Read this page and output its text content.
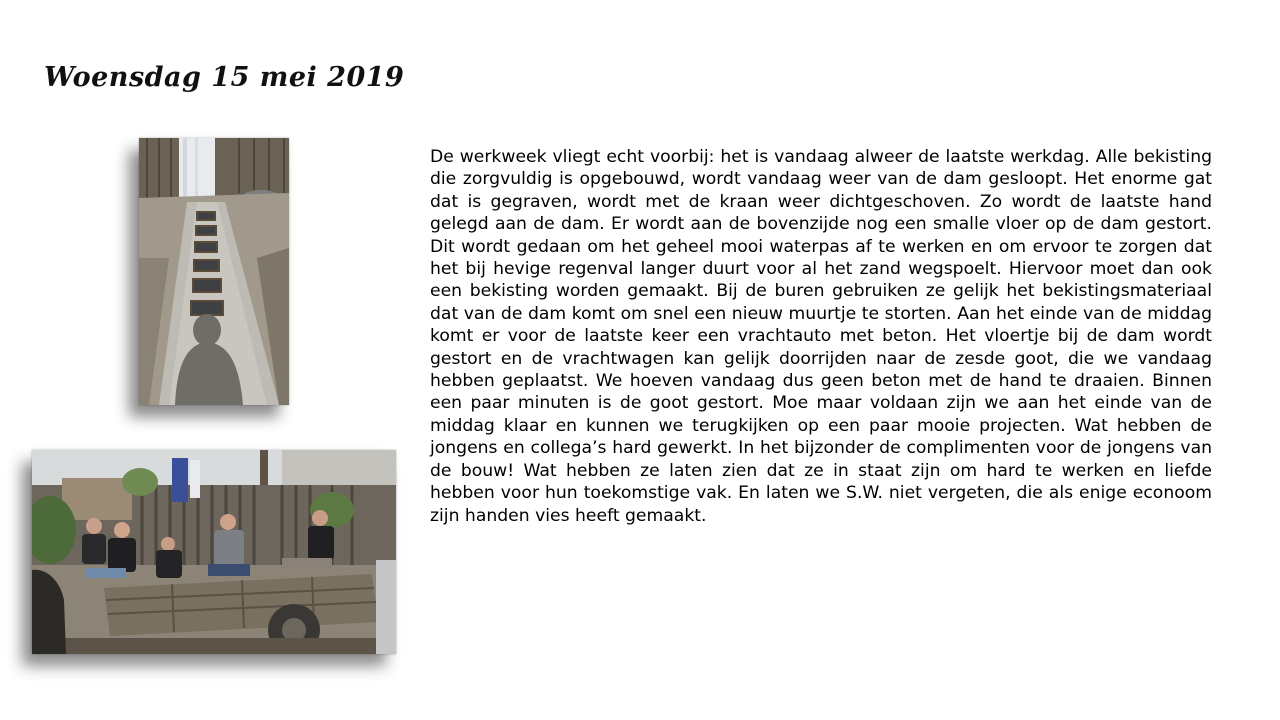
Woensdag 15 mei 2019

De werkweek vliegt echt voorbij: het is vandaag alweer de laatste werkdag. Alle bekisting die zorgvuldig is opgebouwd, wordt vandaag weer van de dam gesloopt. Het enorme gat dat is gegraven, wordt met de kraan weer dichtgeschoven. Zo wordt de laatste hand gelegd aan de dam. Er wordt aan de bovenzijde nog een smalle vloer op de dam gestort. Dit wordt gedaan om het geheel mooi waterpas af te werken en om ervoor te zorgen dat het bij hevige regenval langer duurt voor al het zand wegspoelt. Hiervoor moet dan ook een bekisting worden gemaakt. Bij de buren gebruiken ze gelijk het bekistingsmateriaal dat van de dam komt om snel een nieuw muurtje te storten. Aan het einde van de middag komt er voor de laatste keer een vrachtauto met beton. Het vloertje bij de dam wordt gestort en de vrachtwagen kan gelijk doorrijden naar de zesde goot, die we vandaag hebben geplaatst. We hoeven vandaag dus geen beton met de hand te draaien. Binnen een paar minuten is de goot gestort. Moe maar voldaan zijn we aan het einde van de middag klaar en kunnen we terugkijken op een paar mooie projecten. Wat hebben de jongens en collega’s hard gewerkt. In het bijzonder de complimenten voor de jongens van de bouw! Wat hebben ze laten zien dat ze in staat zijn om hard te werken en liefde hebben voor hun toekomstige vak. En laten we S.W. niet vergeten, die als enige econoom zijn handen vies heeft gemaakt.
